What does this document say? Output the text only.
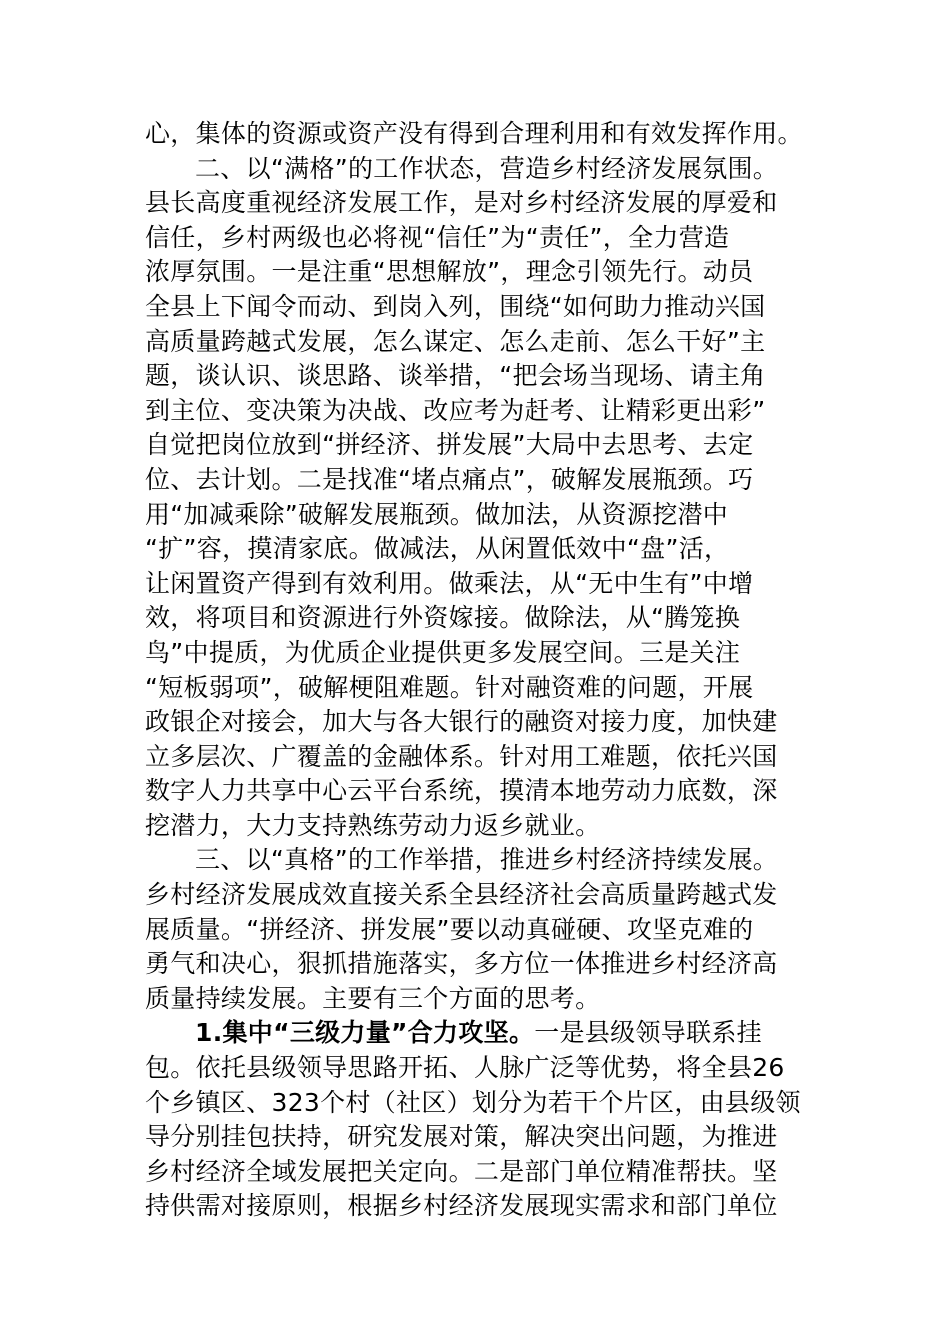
心，集体的资源或资产没有得到合理利用和有效发挥作用。
二、以“满格”的工作状态，营造乡村经济发展氛围。
县长高度重视经济发展工作，是对乡村经济发展的厚爱和
信任，乡村两级也必将视“信任”为“责任”，全力营造
浓厚氛围。一是注重“思想解放”，理念引领先行。动员
全县上下闻令而动、到岗入列，围绕“如何助力推动兴国
高质量跨越式发展，怎么谋定、怎么走前、怎么干好”主
题，谈认识、谈思路、谈举措，“把会场当现场、请主角
到主位、变决策为决战、改应考为赶考、让精彩更出彩”
自觉把岗位放到“拼经济、拼发展”大局中去思考、去定
位、去计划。二是找准“堵点痛点”，破解发展瓶颈。巧
用“加减乘除”破解发展瓶颈。做加法，从资源挖潜中
“扩”容，摸清家底。做减法，从闲置低效中“盘”活，
让闲置资产得到有效利用。做乘法，从“无中生有”中增
效，将项目和资源进行外资嫁接。做除法，从“腾笼换
鸟”中提质，为优质企业提供更多发展空间。三是关注
“短板弱项”，破解梗阻难题。针对融资难的问题，开展
政银企对接会，加大与各大银行的融资对接力度，加快建
立多层次、广覆盖的金融体系。针对用工难题，依托兴国
数字人力共享中心云平台系统，摸清本地劳动力底数，深
挖潜力，大力支持熟练劳动力返乡就业。
三、以“真格”的工作举措，推进乡村经济持续发展。
乡村经济发展成效直接关系全县经济社会高质量跨越式发
展质量。“拼经济、拼发展”要以动真碰硬、攻坚克难的
勇气和决心，狠抓措施落实，多方位一体推进乡村经济高
质量持续发展。主要有三个方面的思考。
1.集中“三级力量”合力攻坚。一是县级领导联系挂
包。依托县级领导思路开拓、人脉广泛等优势，将全县26
个乡镇区、323个村（社区）划分为若干个片区，由县级领
导分别挂包扶持，研究发展对策，解决突出问题，为推进
乡村经济全域发展把关定向。二是部门单位精准帮扶。坚
持供需对接原则，根据乡村经济发展现实需求和部门单位
